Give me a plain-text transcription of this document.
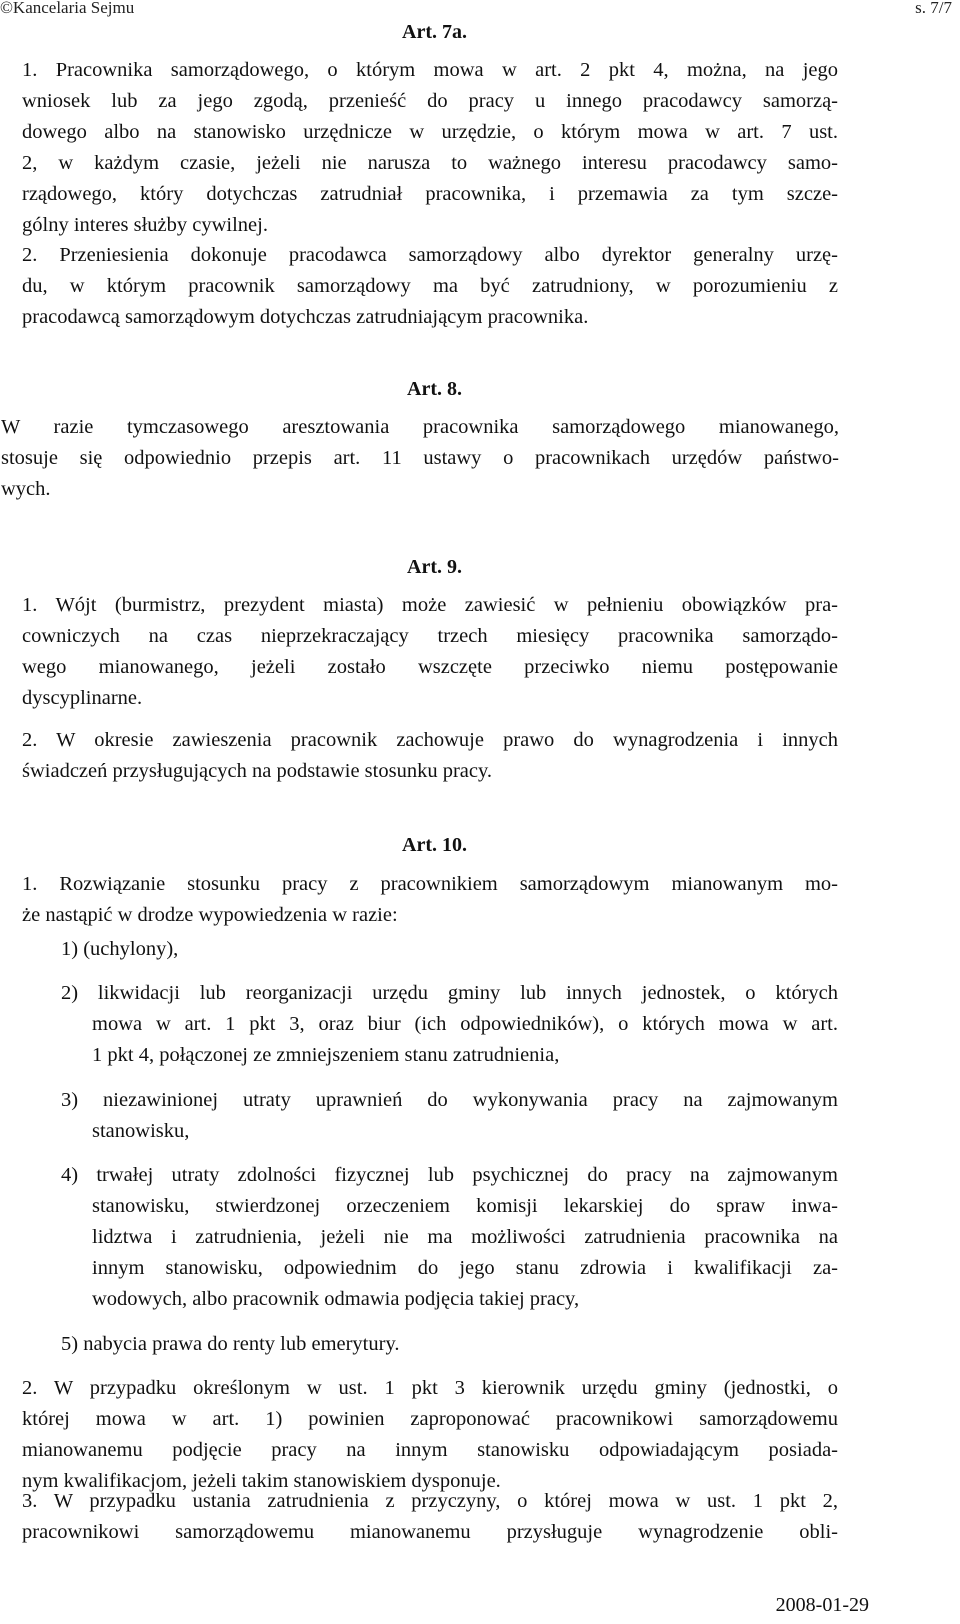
©Kancelaria Sejmu	s. 7/7
Art. 7a.
1. Pracownika samorządowego, o którym mowa w art. 2 pkt 4, można, na jego
wniosek lub za jego zgodą, przenieść do pracy u innego pracodawcy samorzą-
dowego albo na stanowisko urzędnicze w urzędzie, o którym mowa w art. 7 ust.
2, w każdym czasie, jeżeli nie narusza to ważnego interesu pracodawcy samo-
rządowego, który dotychczas zatrudniał pracownika, i przemawia za tym szcze-
gólny interes służby cywilnej.
2. Przeniesienia dokonuje pracodawca samorządowy albo dyrektor generalny urzę-
du, w którym pracownik samorządowy ma być zatrudniony, w porozumieniu z
pracodawcą samorządowym dotychczas zatrudniającym pracownika.
Art. 8.
W razie tymczasowego aresztowania pracownika samorządowego mianowanego,
stosuje się odpowiednio przepis art. 11 ustawy o pracownikach urzędów państwo-
wych.
Art. 9.
1. Wójt (burmistrz, prezydent miasta) może zawiesić w pełnieniu obowiązków pra-
cowniczych na czas nieprzekraczający trzech miesięcy pracownika samorządo-
wego mianowanego, jeżeli zostało wszczęte przeciwko niemu postępowanie
dyscyplinarne.
2. W okresie zawieszenia pracownik zachowuje prawo do wynagrodzenia i innych
świadczeń przysługujących na podstawie stosunku pracy.
Art. 10.
1. Rozwiązanie stosunku pracy z pracownikiem samorządowym mianowanym mo-
że nastąpić w drodze wypowiedzenia w razie:
1) (uchylony),
2) likwidacji lub reorganizacji urzędu gminy lub innych jednostek, o których
mowa w art. 1 pkt 3, oraz biur (ich odpowiedników), o których mowa w art.
1 pkt 4, połączonej ze zmniejszeniem stanu zatrudnienia,
3) niezawinionej utraty uprawnień do wykonywania pracy na zajmowanym
stanowisku,
4) trwałej utraty zdolności fizycznej lub psychicznej do pracy na zajmowanym
stanowisku, stwierdzonej orzeczeniem komisji lekarskiej do spraw inwa-
lidztwa i zatrudnienia, jeżeli nie ma możliwości zatrudnienia pracownika na
innym stanowisku, odpowiednim do jego stanu zdrowia i kwalifikacji za-
wodowych, albo pracownik odmawia podjęcia takiej pracy,
5) nabycia prawa do renty lub emerytury.
2. W przypadku określonym w ust. 1 pkt 3 kierownik urzędu gminy (jednostki, o
której mowa w art. 1) powinien zaproponować pracownikowi samorządowemu
mianowanemu podjęcie pracy na innym stanowisku odpowiadającym posiada-
nym kwalifikacjom, jeżeli takim stanowiskiem dysponuje.
3. W przypadku ustania zatrudnienia z przyczyny, o której mowa w ust. 1 pkt 2,
pracownikowi samorządowemu mianowanemu przysługuje wynagrodzenie obli-
2008-01-29
